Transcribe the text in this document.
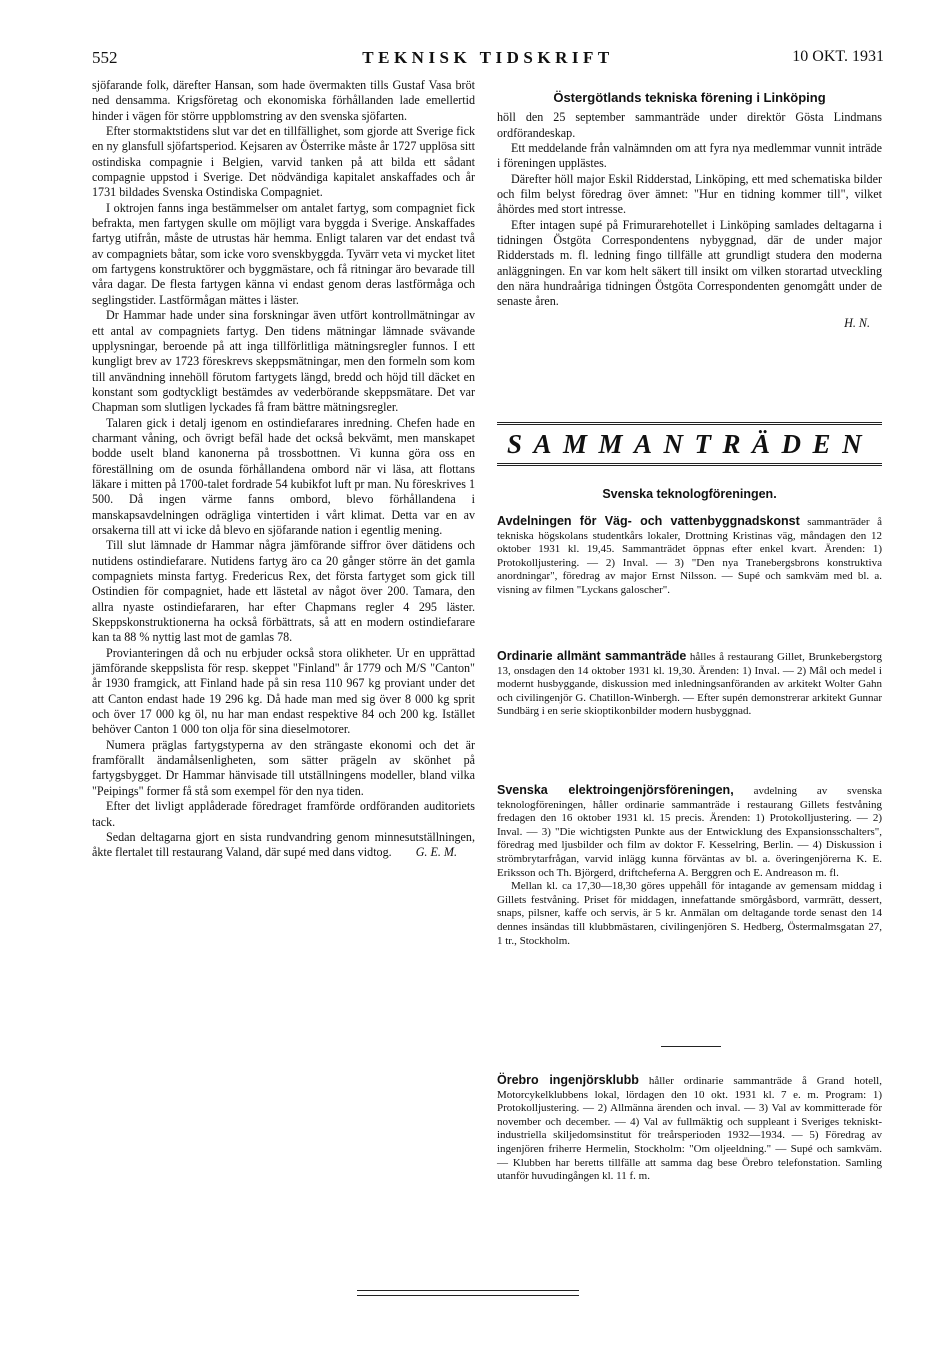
552	TEKNISK TIDSKRIFT	10 OKT. 1931

sjöfarande folk, därefter Hansan, som hade övermakten tills Gustaf Vasa bröt ned densamma. Krigsföretag och ekonomiska förhållanden lade emellertid hinder i vägen för större uppblomstring av den svenska sjöfarten.

Efter stormaktstidens slut var det en tillfällighet, som gjorde att Sverige fick en ny glansfull sjöfartsperiod. Kejsaren av Österrike måste år 1727 upplösa sitt ostindiska compagnie i Belgien, varvid tanken på att bilda ett sådant compagnie uppstod i Sverige. Det nödvändiga kapitalet anskaffades och år 1731 bildades Svenska Ostindiska Compagniet.

I oktrojen fanns inga bestämmelser om antalet fartyg, som compagniet fick befrakta, men fartygen skulle om möjligt vara byggda i Sverige. Anskaffades fartyg utifrån, måste de utrustas här hemma. Enligt talaren var det endast två av compagniets båtar, som icke voro svenskbyggda. Tyvärr veta vi mycket litet om fartygens konstruktörer och byggmästare, och få ritningar äro bevarade till våra dagar. De flesta fartygen känna vi endast genom deras lastförmåga och seglingstider. Lastförmågan mättes i läster.

Dr Hammar hade under sina forskningar även utfört kontrollmätningar av ett antal av compagniets fartyg. Den tidens mätningar lämnade svävande upplysningar, beroende på att inga tillförlitliga mätningsregler funnos. I ett kungligt brev av 1723 föreskrevs skeppsmätningar, men den formeln som kom till användning innehöll förutom fartygets längd, bredd och höjd till däcket en konstant som godtyckligt bestämdes av vederbörande skeppsmätare. Det var Chapman som slutligen lyckades få fram bättre mätningsregler.

Talaren gick i detalj igenom en ostindiefarares inredning. Chefen hade en charmant våning, och övrigt befäl hade det också bekvämt, men manskapet bodde uselt bland kanonerna på trossbottnen. Vi kunna göra oss en föreställning om de osunda förhållandena ombord när vi läsa, att flottans läkare i mitten på 1700-talet fordrade 54 kubikfot luft pr man. Nu föreskrives 1 500. Då ingen värme fanns ombord, blevo förhållandena i manskapsavdelningen odrägliga vintertiden i vårt klimat. Detta var en av orsakerna till att vi icke då blevo en sjöfarande nation i egentlig mening.

Till slut lämnade dr Hammar några jämförande siffror över dätidens och nutidens ostindiefarare. Nutidens fartyg äro ca 20 gånger större än det gamla compagniets minsta fartyg. Fredericus Rex, det första fartyget som gick till Ostindien för compagniet, hade ett lästetal av något över 200. Tamara, den allra nyaste ostindiefararen, har efter Chapmans regler 4 295 läster. Skeppskonstruktionerna ha också förbättrats, så att en modern ostindiefarare kan ta 88 % nyttig last mot de gamlas 78.

Provianteringen då och nu erbjuder också stora olikheter. Ur en upprättad jämförande skeppslista för resp. skeppet "Finland" år 1779 och M/S "Canton" år 1930 framgick, att Finland hade på sin resa 110 967 kg proviant under det att Canton endast hade 19 296 kg. Då hade man med sig över 8 000 kg sprit och över 17 000 kg öl, nu har man endast respektive 84 och 200 kg. Istället behöver Canton 1 000 ton olja för sina dieselmotorer.

Numera präglas fartygstyperna av den strängaste ekonomi och det är framförallt ändamålsenligheten, som sätter prägeln av skönhet på fartygsbygget. Dr Hammar hänvisade till utställningens modeller, bland vilka "Peipings" former få stå som exempel för den nya tiden.

Efter det livligt applåderade föredraget framförde ordföranden auditoriets tack.

Sedan deltagarna gjort en sista rundvandring genom minnesutställningen, åkte flertalet till restaurang Valand, där supé med dans vidtog.	G. E. M.

Östergötlands tekniska förening i Linköping

höll den 25 september sammanträde under direktör Gösta Lindmans ordförandeskap.

Ett meddelande från valnämnden om att fyra nya medlemmar vunnit inträde i föreningen upplästes.

Därefter höll major Eskil Ridderstad, Linköping, ett med schematiska bilder och film belyst föredrag över ämnet: "Hur en tidning kommer till", vilket åhördes med stort intresse.

Efter intagen supé på Frimurarehotellet i Linköping samlades deltagarna i tidningen Östgöta Correspondentens nybyggnad, där de under major Ridderstads m. fl. ledning fingo tillfälle att grundligt studera den moderna anläggningen. En var kom helt säkert till insikt om vilken storartad utveckling den nära hundraåriga tidningen Östgöta Correspondenten genomgått under de senaste åren.

H. N.
SAMMANTRÄDEN
Svenska teknologföreningen.

Avdelningen för Väg- och vattenbyggnadskonst sammanträder å tekniska högskolans studentkårs lokaler, Drottning Kristinas väg, måndagen den 12 oktober 1931 kl. 19,45. Sammanträdet öppnas efter enkel kvart. Ärenden: 1) Protokolljustering. — 2) Inval. — 3) "Den nya Tranebergsbrons konstruktiva anordningar", föredrag av major Ernst Nilsson. — Supé och samkväm med bl. a. visning av filmen "Lyckans galoscher".

Ordinarie allmänt sammanträde hålles å restaurang Gillet, Brunkebergstorg 13, onsdagen den 14 oktober 1931 kl. 19,30. Ärenden: 1) Inval. — 2) Mål och medel i modernt husbyggande, diskussion med inledningsanföranden av arkitekt Wolter Gahn och civilingenjör G. Chatillon-Winbergh. — Efter supén demonstrerar arkitekt Gunnar Sundbärg i en serie skioptikonbilder modern husbyggnad.

Svenska elektroingenjörsföreningen, avdelning av svenska teknologföreningen, håller ordinarie sammanträde i restaurang Gillets festvåning fredagen den 16 oktober 1931 kl. 15 precis. Ärenden: 1) Protokolljustering. — 2) Inval. — 3) "Die wichtigsten Punkte aus der Entwicklung des Expansionsschalters", föredrag med ljusbilder och film av doktor F. Kesselring, Berlin. — 4) Diskussion i strömbrytarfrågan, varvid inlägg kunna förväntas av bl. a. överingenjörerna K. E. Eriksson och Th. Björgerd, driftcheferna A. Berggren och E. Andreason m. fl.

Mellan kl. ca 17,30—18,30 göres uppehåll för intagande av gemensam middag i Gillets festvåning. Priset för middagen, innefattande smörgåsbord, varmrätt, dessert, snaps, pilsner, kaffe och servis, är 5 kr. Anmälan om deltagande torde senast den 14 dennes insändas till klubbmästaren, civilingenjören S. Hedberg, Östermalmsgatan 27, 1 tr., Stockholm.

Örebro ingenjörsklubb håller ordinarie sammanträde å Grand hotell, Motorcykelklubbens lokal, lördagen den 10 okt. 1931 kl. 7 e. m. Program: 1) Protokolljustering. — 2) Allmänna ärenden och inval. — 3) Val av kommitterade för november och december. — 4) Val av fullmäktig och suppleant i Sveriges tekniskt-industriella skiljedomsinstitut för treårsperioden 1932—1934. — 5) Föredrag av ingenjören friherre Hermelin, Stockholm: "Om oljeeldning." — Supé och samkväm. — Klubben har beretts tillfälle att samma dag bese Örebro telefonstation. Samling utanför huvudingången kl. 11 f. m.
